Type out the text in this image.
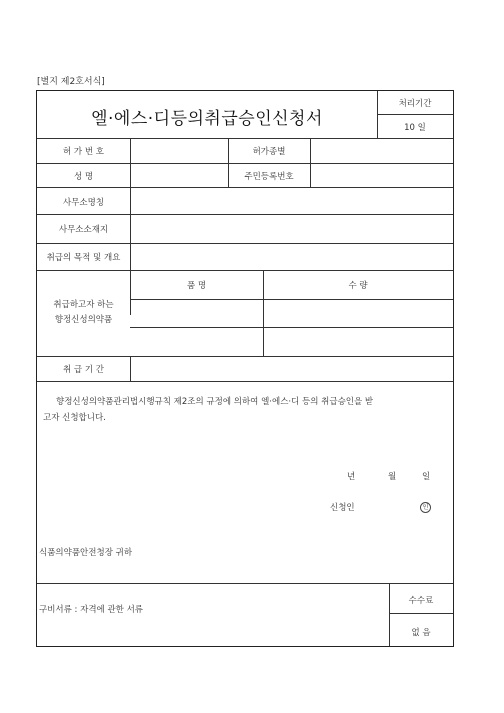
[별지 제2호서식]
엘·에스·디등의취급승인신청서
처리기간
10 일
허 가 번 호	허가종별
성 명	주민등록번호
사무소명칭
사무소소재지
취급의 목적 및 개요
취급하고자 하는
향정신성의약품
품 명	수 량
취 급 기 간
향정신성의약품관리법시행규칙 제2조의 규정에 의하여 엘·에스·디 등의 취급승인을 받
고자 신청합니다.
년	월	일
신청인	인
식품의약품안전청장 귀하
구비서류 : 자격에 관한 서류
수수료
없 음
